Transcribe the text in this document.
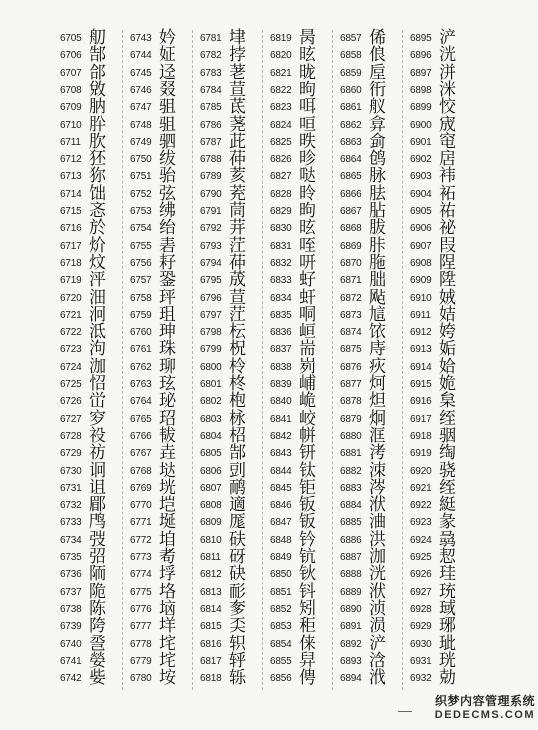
6705 舠
6706 郜
6707 郃
6708 敓
6709 肭
6710 肸
6711 肷
6712 狉
6713 狝
6714 饳
6715 忞
6716 於
6717 炌
6718 炆
6719 泙
6720 沺
6721 泂
6722 泜
6723 泃
6724 泇
6725 怊
6726 峃
6727 穸
6728 祋
6729 祊
6730 诇
6731 诅
6732 郿
6733 鸤
6734 弢
6735 弨
6736 陑
6737 陒
6738 陈
6739 陓
6740 巹
6741 嫈
6742 姕
6743 妗
6744 姃
6745 迳
6746 叕
6747 驵
6748 驵
6749 驷
6750 绂
6751 骀
6752 弦
6753 绋
6754 绐
6755 砉
6756 耔
6757 銎
6758 玶
6759 珇
6760 珅
6761 珠
6762 珋
6763 玹
6764 珌
6765 玿
6766 韨
6767 垚
6768 垯
6769 垙
6770 垲
6771 埏
6772 垍
6773 耇
6774 垺
6775 垎
6776 垴
6777 垟
6778 垞
6779 垞
6780 垵
6781 垏
6782 挬
6783 荖
6784 荁
6785 茋
6786 荛
6787 茈
6788 茽
6789 荄
6790 茺
6791 茼
6792 茾
6793 茳
6794 茽
6795 荿
6796 荁
6797 茳
6798 枟
6799 柷
6800 柃
6801 柊
6802 枹
6803 栐
6804 柖
6805 郜
6806 剅
6807 鸸
6808 適
6809 厖
6810 砆
6811 砑
6812 砄
6813 耏
6814 奓
6815 奀
6816 轵
6817 轷
6818 轹
6819 昺
6820 昡
6821 昽
6822 昫
6823 咡
6824 咺
6825 昳
6826 昣
6827 哒
6828 昤
6829 昫
6830 昡
6831 咥
6832 咞
6833 虸
6834 虷
6835 哃
6836 峘
6837 耑
6838 峛
6839 峬
6840 峗
6841 峧
6842 帡
6843 钘
6844 钛
6845 钜
6846 钣
6847 钣
6848 钤
6849 钪
6850 钬
6851 钭
6852 矧
6853 秬
6854 俫
6855 舁
6856 俜
6857 俙
6858 俍
6859 垕
6860 衎
6861 舣
6862 弇
6863 侴
6864 鸧
6865 脉
6866 胠
6867 胋
6868 胈
6869 胩
6870 胣
6871 朏
6872 飐
6873 訄
6874 饻
6875 庤
6876 疢
6877 炣
6878 炟
6879 炯
6880 洭
6881 洘
6882 洓
6883 涔
6884 洑
6885 浀
6886 洪
6887 泇
6888 洸
6889 洑
6890 浈
6891 涢
6892 浐
6893 浛
6894 浌
6895 浐
6896 洸
6897 洴
6898 洣
6899 恔
6900 宬
6901 窀
6902 扂
6903 袆
6904 袥
6905 祐
6906 祕
6907 叚
6908 陧
6909 陞
6910 娀
6911 姞
6912 姱
6913 姤
6914 姶
6915 姽
6916 枲
6917 绖
6918 骃
6919 绹
6920 骁
6921 绖
6922 綎
6923 彖
6924 骉
6925 恝
6926 珪
6927 珫
6928 琙
6929 琊
6930 玼
6931 珖
6932 勀
织梦内容管理系统
DEDECMS.COM
